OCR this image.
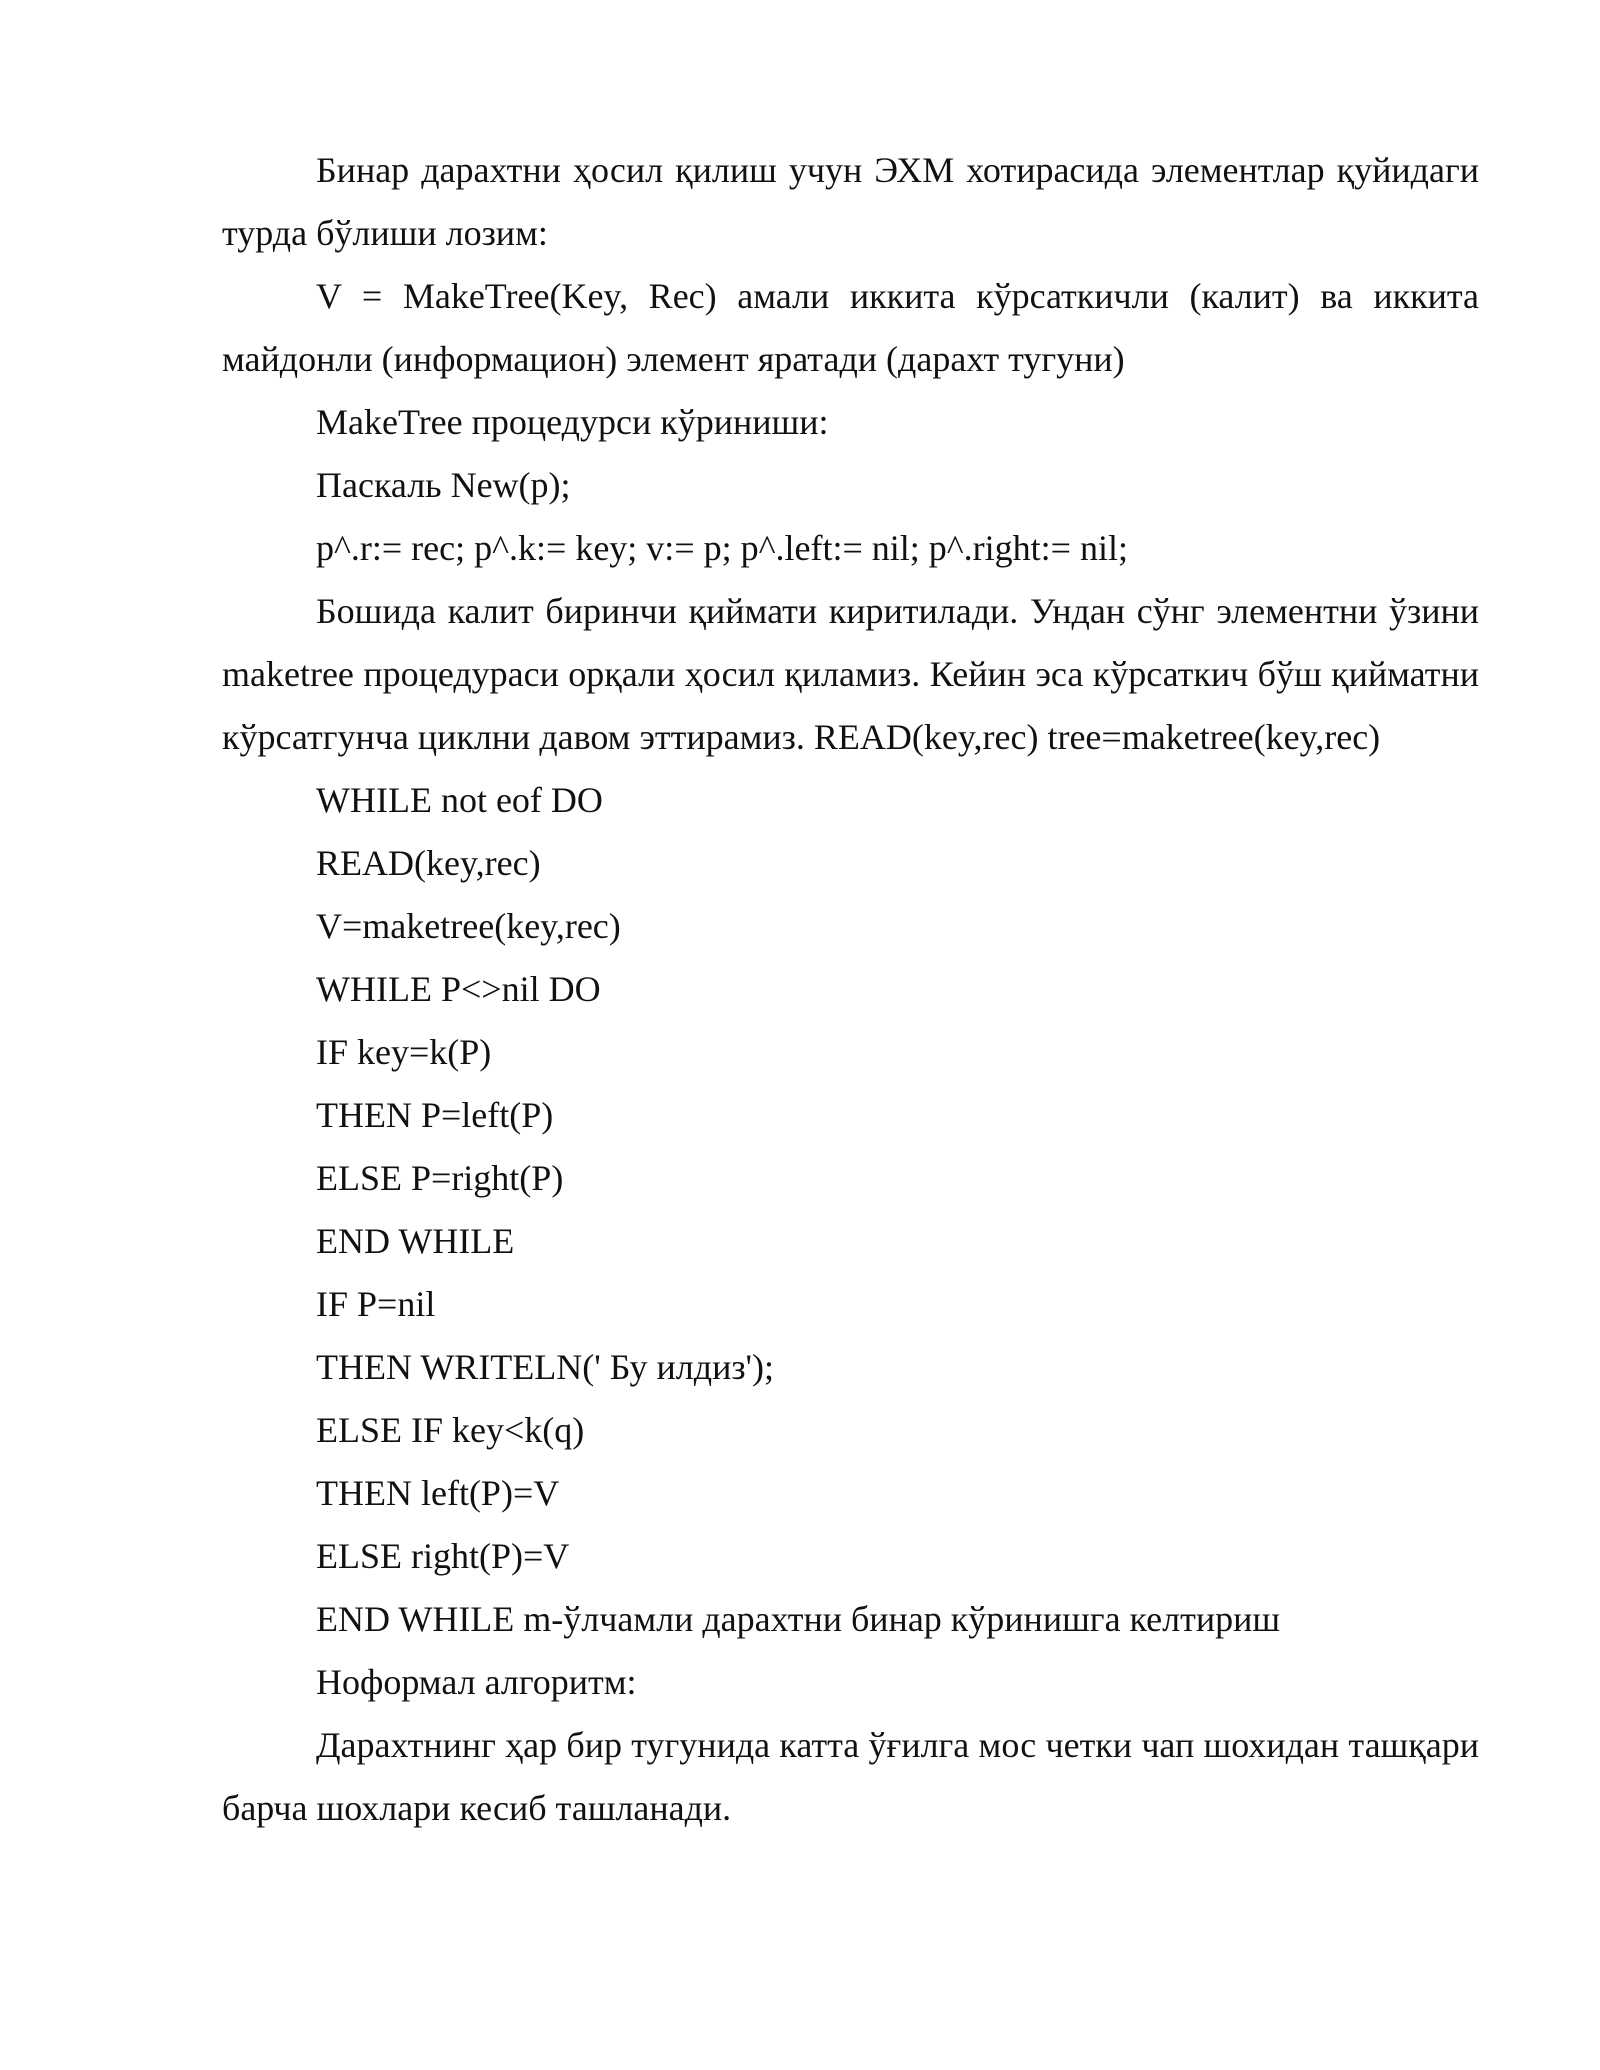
Бинар дарахтни ҳосил қилиш учун ЭХМ хотирасида элементлар қуйидаги турда бўлиши лозим:

V = MakeTree(Key, Rec) амали иккита кўрсаткичли (калит) ва иккита майдонли (информацион) элемент яратади (дарахт тугуни)

MakeTree процедурси кўриниши:

Паскаль New(p);

p^.r:= rec; p^.k:= key; v:= p; p^.left:= nil; p^.right:= nil;

Бошида калит биринчи қиймати киритилади. Ундан сўнг элементни ўзини maketree процедураси орқали ҳосил қиламиз. Кейин эса кўрсаткич бўш қийматни кўрсатгунча циклни давом эттирамиз. READ(key,rec) tree=maketree(key,rec)

WHILE not eof DO

READ(key,rec)

V=maketree(key,rec)

WHILE P<>nil DO

IF key=k(P)

THEN P=left(P)

ELSE P=right(P)

END WHILE

IF P=nil

THEN WRITELN(' Бу илдиз');

ELSE IF key<k(q)

THEN left(P)=V

ELSE right(P)=V

END WHILE m-ўлчамли дарахтни бинар кўринишга келтириш

Ноформал алгоритм:

Дарахтнинг ҳар бир тугунида катта ўғилга мос четки чап шохидан ташқари барча шохлари кесиб ташланади.
